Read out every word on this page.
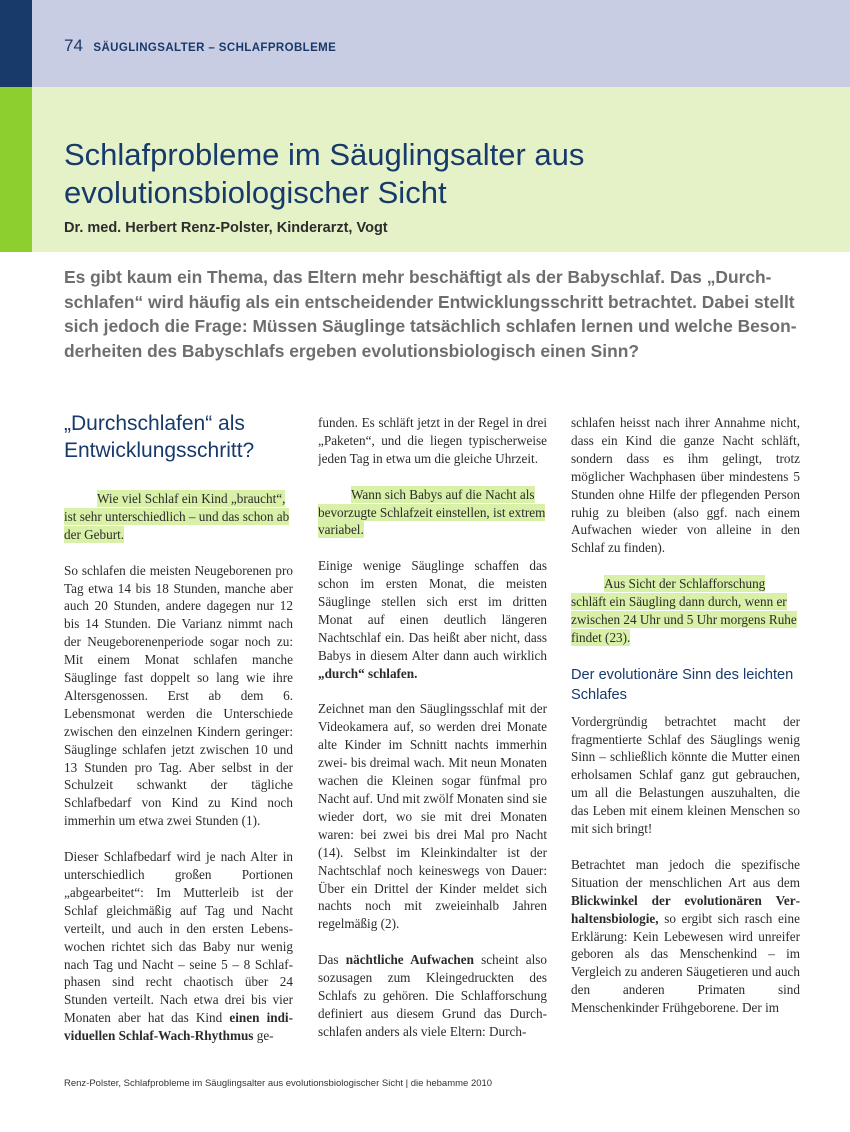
74 SÄUGLINGSALTER – SCHLAFPROBLEME
Schlafprobleme im Säuglingsalter aus evolutionsbiologischer Sicht
Dr. med. Herbert Renz-Polster, Kinderarzt, Vogt

Es gibt kaum ein Thema, das Eltern mehr beschäftigt als der Babyschlaf. Das „Durchschlafen“ wird häufig als ein entscheidender Entwicklungsschritt betrachtet. Dabei stellt sich jedoch die Frage: Müssen Säuglinge tatsächlich schlafen lernen und welche Besonderheiten des Babyschlafs ergeben evolutionsbiologisch einen Sinn?

„Durchschlafen“ als Entwicklungsschritt?

Wie viel Schlaf ein Kind „braucht“, ist sehr unterschiedlich – und das schon ab der Geburt.

So schlafen die meisten Neugeborenen pro Tag etwa 14 bis 18 Stunden, manche aber auch 20 Stunden, andere dagegen nur 12 bis 14 Stunden. Die Varianz nimmt nach der Neugeborenenperiode sogar noch zu: Mit einem Monat schlafen manche Säuglinge fast doppelt so lang wie ihre Altersgenossen. Erst ab dem 6. Lebensmonat werden die Unterschiede zwischen den einzelnen Kindern geringer: Säuglinge schlafen jetzt zwischen 10 und 13 Stunden pro Tag. Aber selbst in der Schulzeit schwankt der tägliche Schlafbedarf von Kind zu Kind noch immerhin um etwa zwei Stunden (1).

Dieser Schlafbedarf wird je nach Alter in unterschiedlich großen Portionen „abgearbeitet“: Im Mutterleib ist der Schlaf gleichmäßig auf Tag und Nacht verteilt, und auch in den ersten Lebenswochen richtet sich das Baby nur wenig nach Tag und Nacht – seine 5 – 8 Schlafphasen sind recht chaotisch über 24 Stunden verteilt. Nach etwa drei bis vier Monaten aber hat das Kind einen individuellen Schlaf-Wach-Rhythmus ge-

funden. Es schläft jetzt in der Regel in drei „Paketen“, und die liegen typischerweise jeden Tag in etwa um die gleiche Uhrzeit.

Wann sich Babys auf die Nacht als bevorzugte Schlafzeit einstellen, ist extrem variabel.

Einige wenige Säuglinge schaffen das schon im ersten Monat, die meisten Säuglinge stellen sich erst im dritten Monat auf einen deutlich längeren Nachtschlaf ein. Das heißt aber nicht, dass Babys in diesem Alter dann auch wirklich „durch“ schlafen.

Zeichnet man den Säuglingsschlaf mit der Videokamera auf, so werden drei Monate alte Kinder im Schnitt nachts immerhin zwei- bis dreimal wach. Mit neun Monaten wachen die Kleinen sogar fünfmal pro Nacht auf. Und mit zwölf Monaten sind sie wieder dort, wo sie mit drei Monaten waren: bei zwei bis drei Mal pro Nacht (14). Selbst im Kleinkindalter ist der Nachtschlaf noch keineswegs von Dauer: Über ein Drittel der Kinder meldet sich nachts noch mit zweieinhalb Jahren regelmäßig (2).

Das nächtliche Aufwachen scheint also sozusagen zum Kleingedruckten des Schlafs zu gehören. Die Schlafforschung definiert aus diesem Grund das Durchschlafen anders als viele Eltern: Durch-

schlafen heisst nach ihrer Annahme nicht, dass ein Kind die ganze Nacht schläft, sondern dass es ihm gelingt, trotz möglicher Wachphasen über mindestens 5 Stunden ohne Hilfe der pflegenden Person ruhig zu bleiben (also ggf. nach einem Aufwachen wieder von alleine in den Schlaf zu finden).

Aus Sicht der Schlafforschung schläft ein Säugling dann durch, wenn er zwischen 24 Uhr und 5 Uhr morgens Ruhe findet (23).

Der evolutionäre Sinn des leichten Schlafes

Vordergründig betrachtet macht der fragmentierte Schlaf des Säuglings wenig Sinn – schließlich könnte die Mutter einen erholsamen Schlaf ganz gut gebrauchen, um all die Belastungen auszuhalten, die das Leben mit einem kleinen Menschen so mit sich bringt!

Betrachtet man jedoch die spezifische Situation der menschlichen Art aus dem Blickwinkel der evolutionären Verhaltensbiologie, so ergibt sich rasch eine Erklärung: Kein Lebewesen wird unreifer geboren als das Menschenkind – im Vergleich zu anderen Säugetieren und auch den anderen Primaten sind Menschenkinder Frühgeborene. Der im

Renz-Polster, Schlafprobleme im Säuglingsalter aus evolutionsbiologischer Sicht | die hebamme 2010
